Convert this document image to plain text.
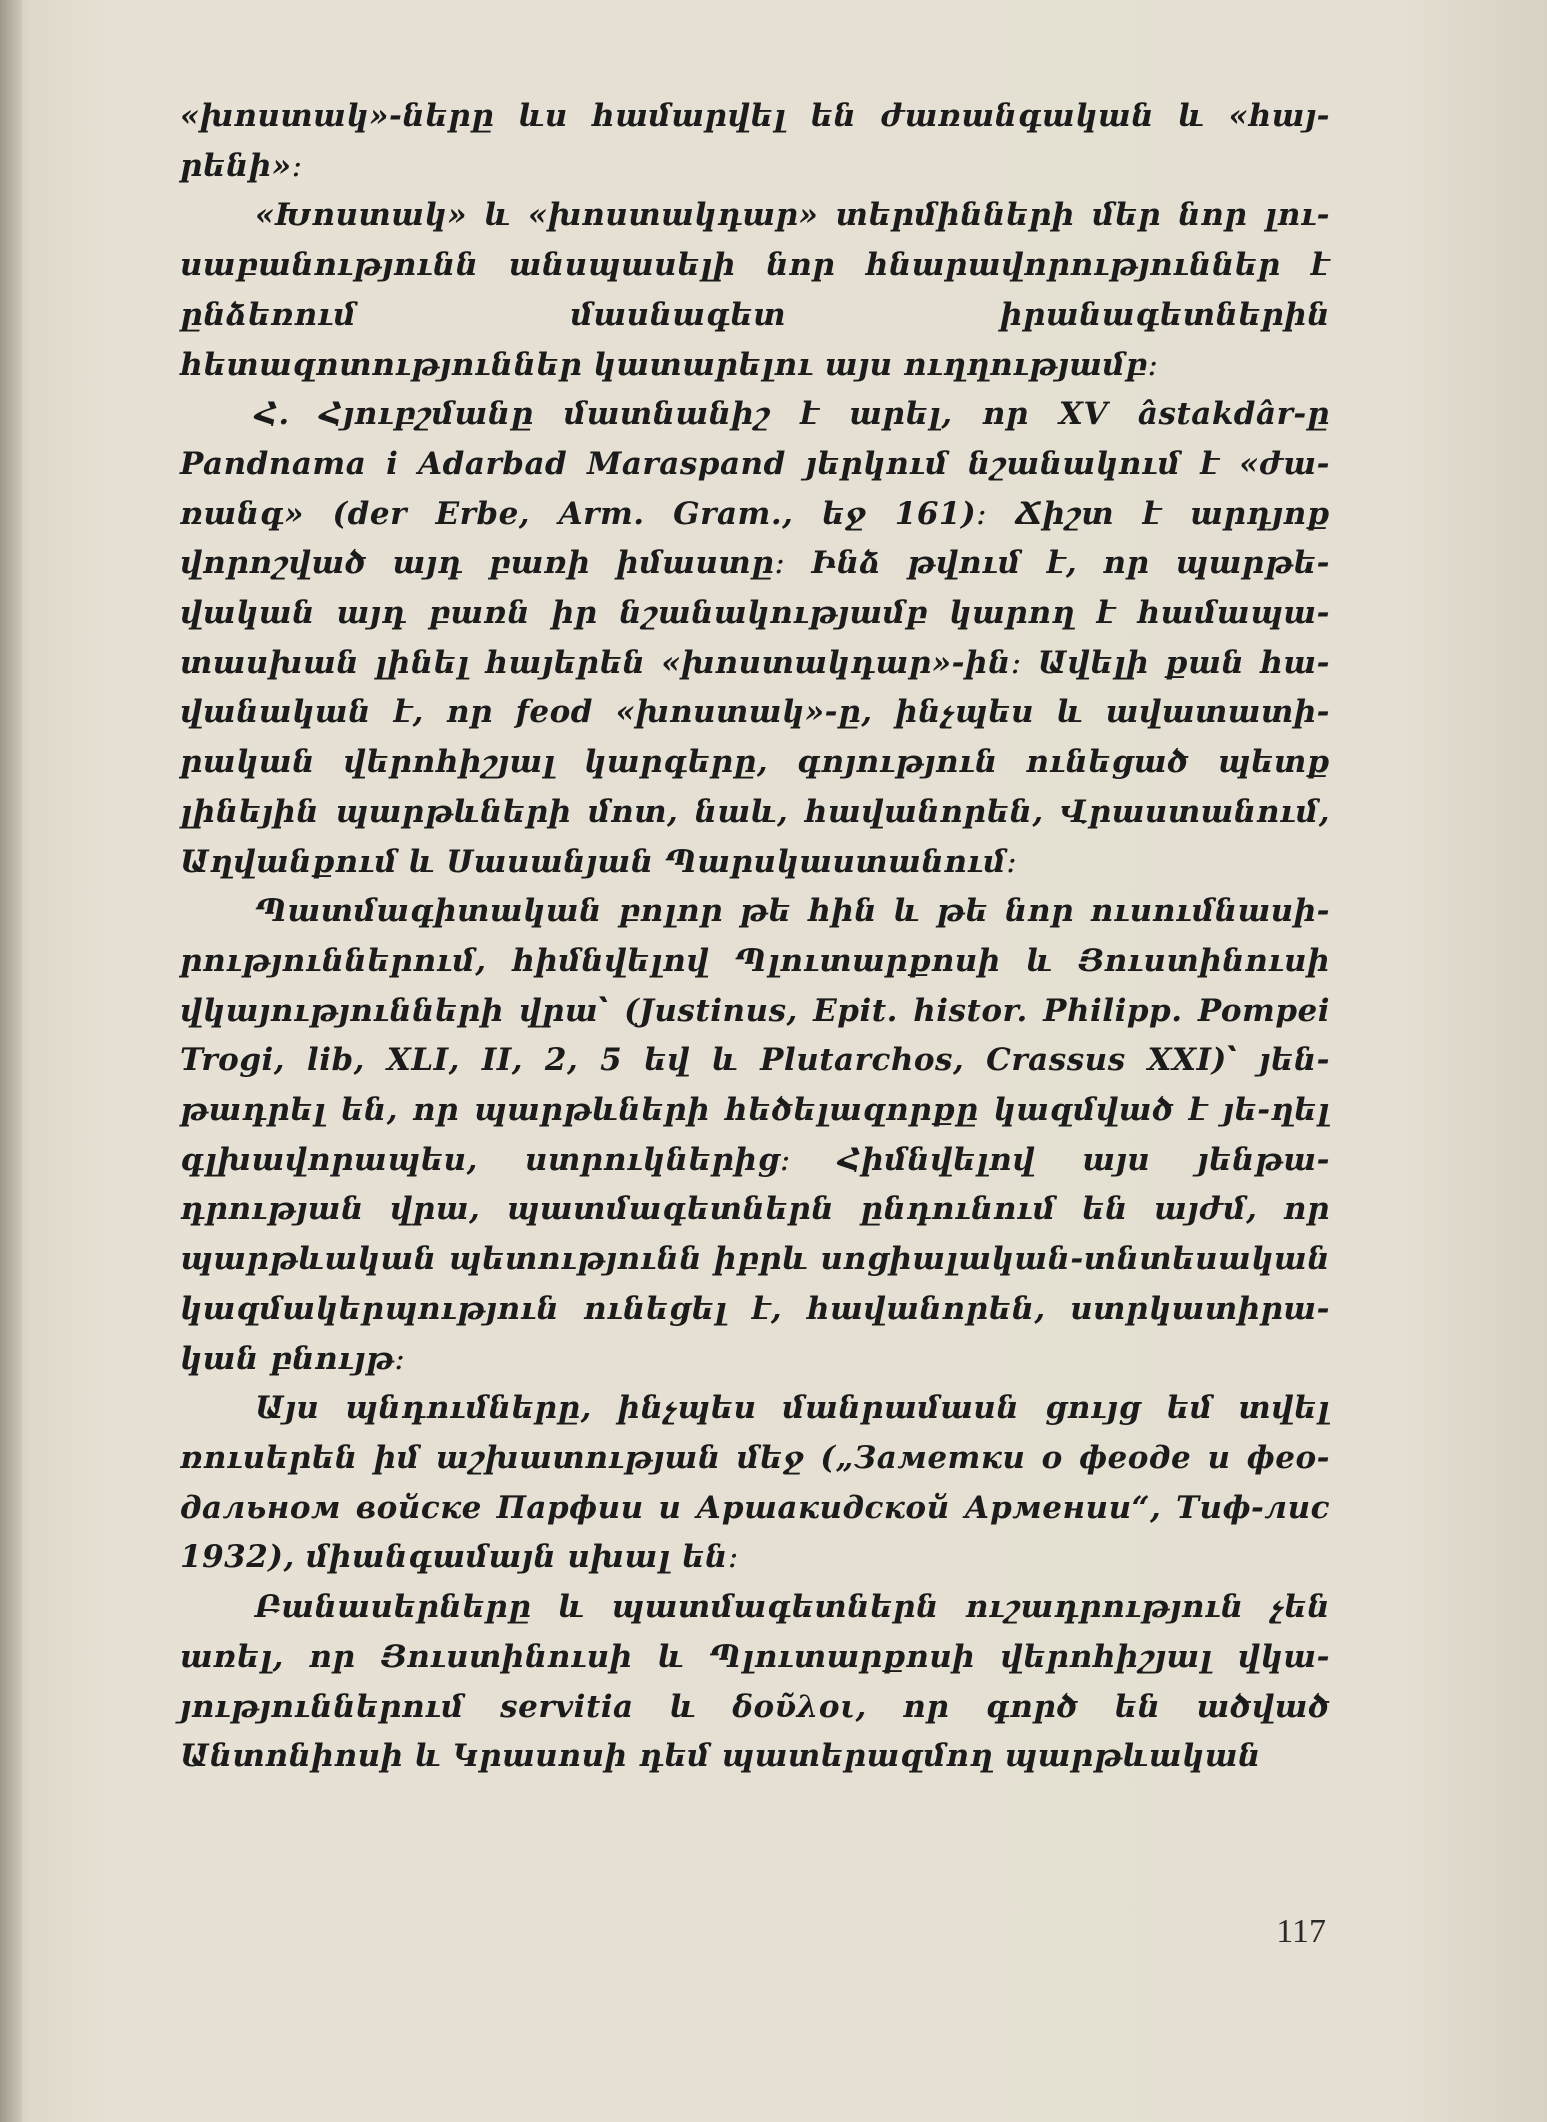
«խոստակ»-ները ևս համարվել են ժառանգական և «հայ-րենի»։

«Խոստակ» և «խոստակդար» տերմինների մեր նոր լու-սաբանությունն անսպասելի նոր հնարավորություններ է ընձեռում մասնագետ իրանագետներին հետազոտություններ կատարելու այս ուղղությամբ։

Հ. Հյուբշմանը մատնանիշ է արել, որ XV âstakdâr-ը Pandnama i Adarbad Maraspand յերկում նշանակում է «ժա-ռանգ» (der Erbe, Arm. Gram., եջ 161)։ Ճիշտ է արդյոք վորոշված այդ բառի իմաստը։ Ինձ թվում է, որ պարթե-վական այդ բառն իր նշանակությամբ կարող է համապա-տասխան լինել հայերեն «խոստակդար»-ին։ Ավելի քան հա-վանական է, որ feod «խոստակ»-ը, ինչպես և ավատատի-րական վերոհիշյալ կարգերը, գոյություն ունեցած պետք լինեյին պարթևների մոտ, նաև, հավանորեն, Վրաստանում, Աղվանքում և Սասանյան Պարսկաստանում։

Պատմագիտական բոլոր թե հին և թե նոր ուսումնասի-րություններում, հիմնվելով Պլուտարքոսի և Յուստինուսի վկայությունների վրա՝ (Justinus, Epit. histor. Philipp. Pompei Trogi, lib, XLI, II, 2, 5 եվ և Plutarchos, Crassus XXI)՝ յեն-թադրել են, որ պարթևների հեծելազորքը կազմված է յե-ղել գլխավորապես, ստրուկներից։ Հիմնվելով այս յենթա-դրության վրա, պատմագետներն ընդունում են այժմ, որ պարթևական պետությունն իբրև սոցիալական-տնտեսական կազմակերպություն ունեցել է, հավանորեն, ստրկատիրա-կան բնույթ։

Այս պնդումները, ինչպես մանրամասն ցույց եմ տվել ռուսերեն իմ աշխատության մեջ („Заметки о феоде и фео-дальном войске Парфии и Аршакидской Армении“, Тиф-лис 1932), միանգամայն սխալ են։

Բանասերները և պատմագետներն ուշադրություն չեն առել, որ Յուստինուսի և Պլուտարքոսի վերոհիշյալ վկա-յություններում servitia և δοῦλοι, որ գործ են ածված Անտոնիոսի և Կրասոսի դեմ պատերազմող պարթևական

117
